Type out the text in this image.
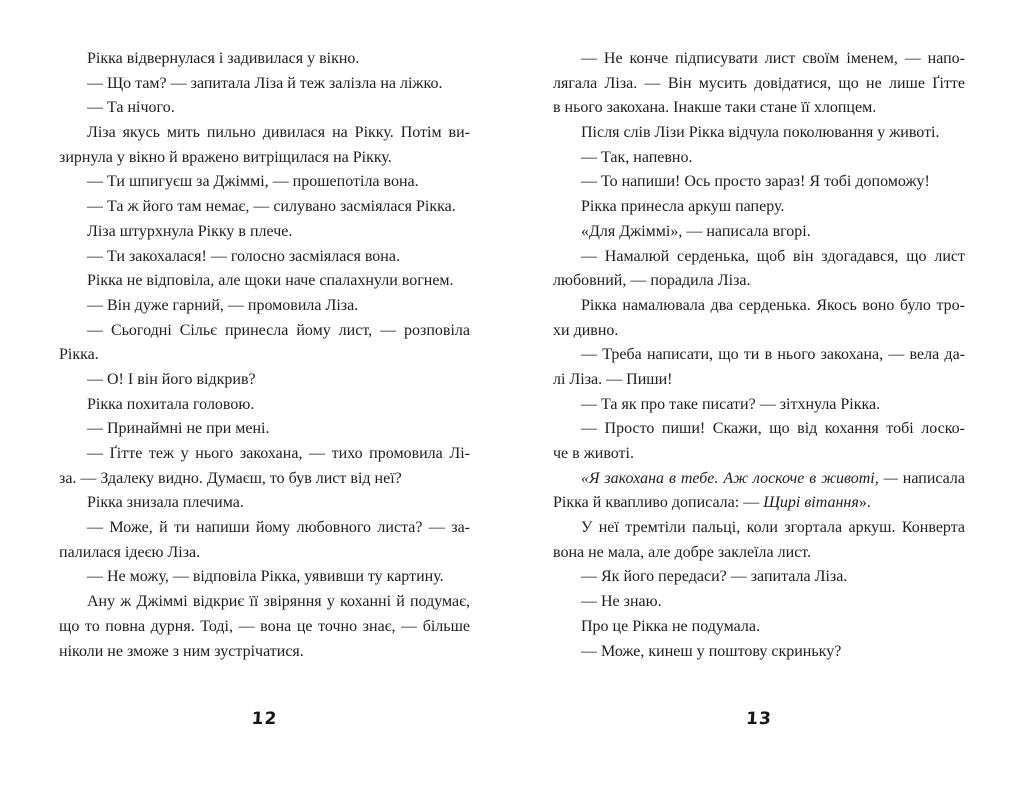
Рікка відвернулася і задивилася у вікно.
— Що там? — запитала Ліза й теж залізла на ліжко.
— Та нічого.
Ліза якусь мить пильно дивилася на Рікку. Потім ви-
зирнула у вікно й вражено витріщилася на Рікку.
— Ти шпигуєш за Джіммі, — прошепотіла вона.
— Та ж його там немає, — силувано засміялася Рікка.
Ліза штурхнула Рікку в плече.
— Ти закохалася! — голосно засміялася вона.
Рікка не відповіла, але щоки наче спалахнули вогнем.
— Він дуже гарний, — промовила Ліза.
— Сьогодні Сільє принесла йому лист, — розповіла
Рікка.
— О! І він його відкрив?
Рікка похитала головою.
— Принаймні не при мені.
— Ґітте теж у нього закохана, — тихо промовила Лі-
за. — Здалеку видно. Думаєш, то був лист від неї?
Рікка знизала плечима.
— Може, й ти напиши йому любовного листа? — за-
палилася ідеєю Ліза.
— Не можу, — відповіла Рікка, уявивши ту картину.
Ану ж Джіммі відкриє її звіряння у коханні й подумає,
що то повна дурня. Тоді, — вона це точно знає, — більше
ніколи не зможе з ним зустрічатися.
— Не конче підписувати лист своїм іменем, — напо-
лягала Ліза. — Він мусить довідатися, що не лише Ґітте
в нього закохана. Інакше таки стане її хлопцем.
Після слів Лізи Рікка відчула поколювання у животі.
— Так, напевно.
— То напиши! Ось просто зараз! Я тобі допоможу!
Рікка принесла аркуш паперу.
«Для Джіммі», — написала вгорі.
— Намалюй серденька, щоб він здогадався, що лист
любовний, — порадила Ліза.
Рікка намалювала два серденька. Якось воно було тро-
хи дивно.
— Треба написати, що ти в нього закохана, — вела да-
лі Ліза. — Пиши!
— Та як про таке писати? — зітхнула Рікка.
— Просто пиши! Скажи, що від кохання тобі лоско-
че в животі.
«Я закохана в тебе. Аж лоскоче в животі, — написала
Рікка й квапливо дописала: — Щирі вітання».
У неї тремтіли пальці, коли згортала аркуш. Конверта
вона не мала, але добре заклеїла лист.
— Як його передаси? — запитала Ліза.
— Не знаю.
Про це Рікка не подумала.
— Може, кинеш у поштову скриньку?
12	13
